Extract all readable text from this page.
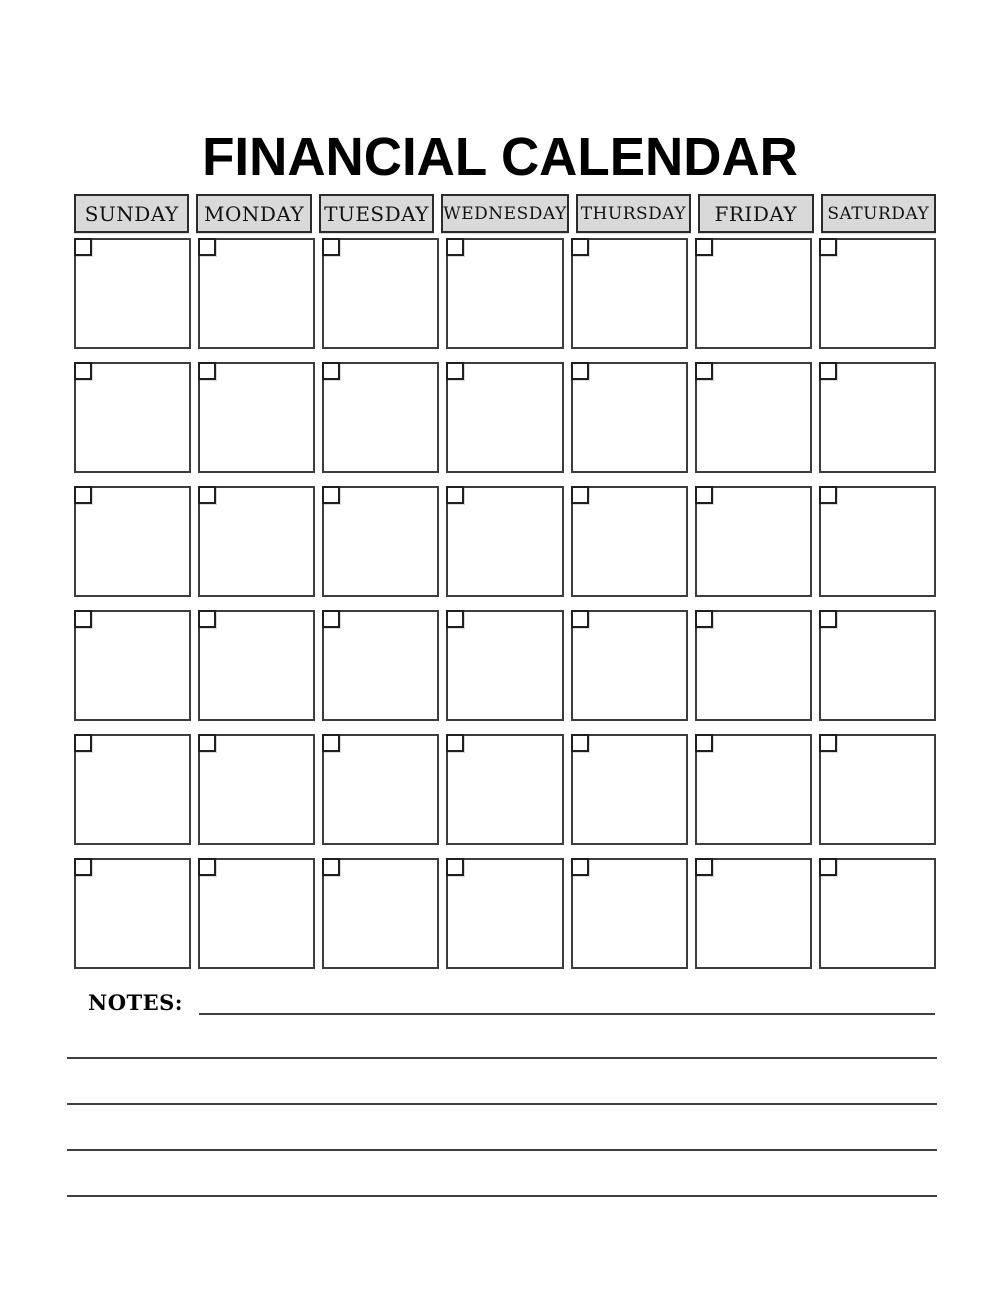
FINANCIAL CALENDAR
SUNDAY	MONDAY TUESDAY WEDNESDAY THURSDAY	FRIDAY	SATURDAY
NOTES:
